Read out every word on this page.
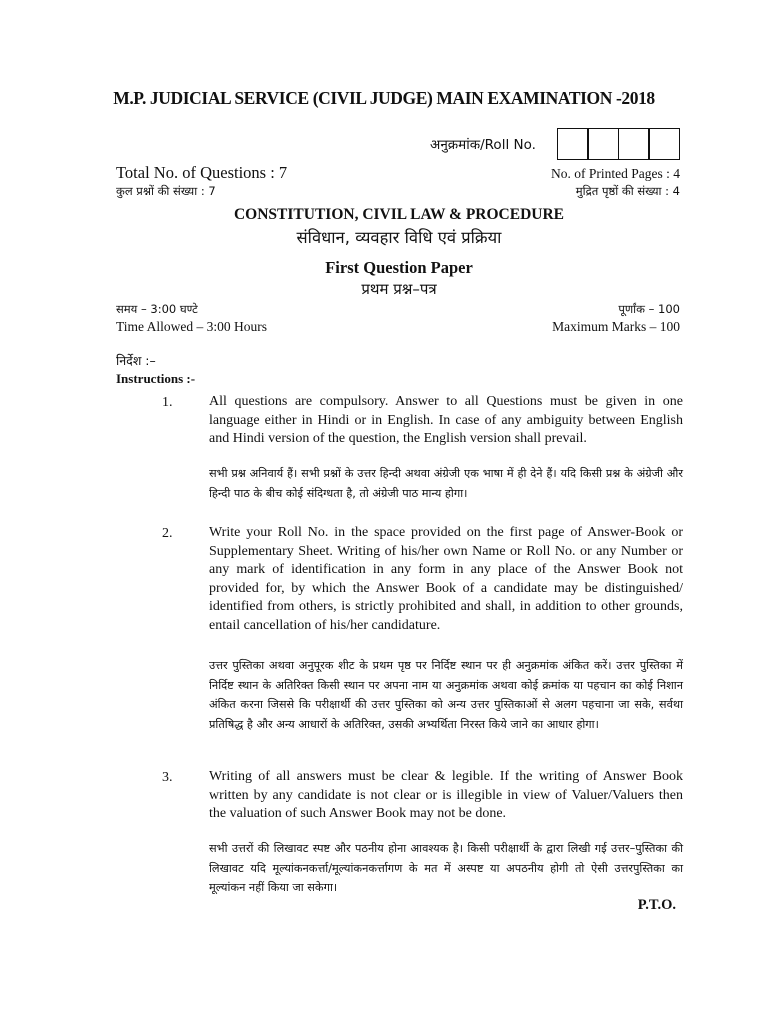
M.P. JUDICIAL SERVICE (CIVIL JUDGE) MAIN EXAMINATION -2018
अनुक्रमांक/Roll No.
Total No. of Questions : 7
कुल प्रश्नों की संख्या : 7
No. of Printed Pages : 4
मुद्रित पृष्ठों की संख्या : 4
CONSTITUTION, CIVIL LAW & PROCEDURE
संविधान, व्यवहार विधि एवं प्रक्रिया
First Question Paper
प्रथम प्रश्न–पत्र
समय – 3:00 घण्टे
Time Allowed – 3:00 Hours
पूर्णांक – 100
Maximum Marks – 100
निर्देश :–
Instructions :-
1.	All questions are compulsory. Answer to all Questions must be given in one language either in Hindi or in English. In case of any ambiguity between English and Hindi version of the question, the English version shall prevail.

सभी प्रश्न अनिवार्य हैं। सभी प्रश्नों के उत्तर हिन्दी अथवा अंग्रेजी एक भाषा में ही देने हैं। यदि किसी प्रश्न के अंग्रेजी और हिन्दी पाठ के बीच कोई संदिग्धता है, तो अंग्रेजी पाठ मान्य होगा।

2.	Write your Roll No. in the space provided on the first page of Answer-Book or Supplementary Sheet. Writing of his/her own Name or Roll No. or any Number or any mark of identification in any form in any place of the Answer Book not provided for, by which the Answer Book of a candidate may be distinguished/ identified from others, is strictly prohibited and shall, in addition to other grounds, entail cancellation of his/her candidature.

उत्तर पुस्तिका अथवा अनुपूरक शीट के प्रथम पृष्ठ पर निर्दिष्ट स्थान पर ही अनुक्रमांक अंकित करें। उत्तर पुस्तिका में निर्दिष्ट स्थान के अतिरिक्त किसी स्थान पर अपना नाम या अनुक्रमांक अथवा कोई क्रमांक या पहचान का कोई निशान अंकित करना जिससे कि परीक्षार्थी की उत्तर पुस्तिका को अन्य उत्तर पुस्तिकाओं से अलग पहचाना जा सके, सर्वथा प्रतिषिद्ध है और अन्य आधारों के अतिरिक्त, उसकी अभ्यर्थिता निरस्त किये जाने का आधार होगा।

3.	Writing of all answers must be clear & legible. If the writing of Answer Book written by any candidate is not clear or is illegible in view of Valuer/Valuers then the valuation of such Answer Book may not be done.

सभी उत्तरों की लिखावट स्पष्ट और पठनीय होना आवश्यक है। किसी परीक्षार्थी के द्वारा लिखी गई उत्तर–पुस्तिका की लिखावट यदि मूल्यांकनकर्त्ता/मूल्यांकनकर्त्तागण के मत में अस्पष्ट या अपठनीय होगी तो ऐसी उत्तरपुस्तिका का मूल्यांकन नहीं किया जा सकेगा।

P.T.O.
